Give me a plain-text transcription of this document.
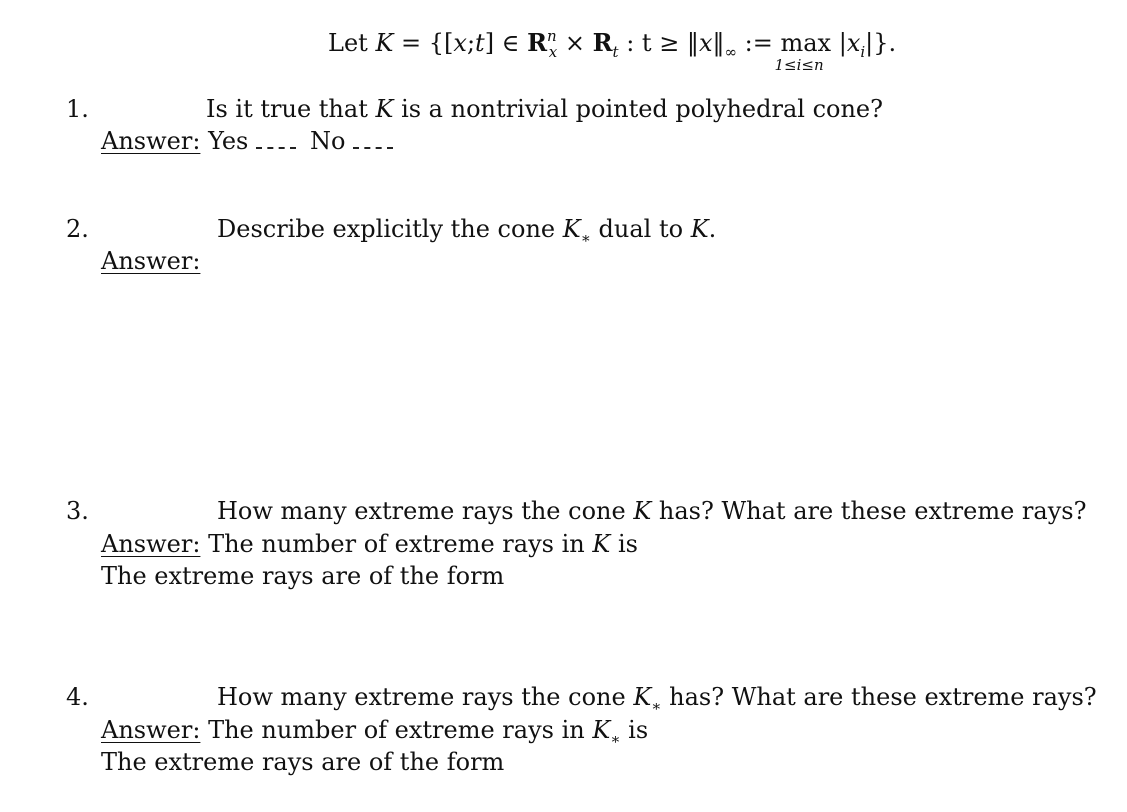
Let K = {[x;t] ∈ $R^n_x \times R_t$ : $t \ge ‖x‖_\infty$ := max
1≤i≤n
$|x_i|$}.
1.	Is it true that K is a nontrivial pointed polyhedral cone?
Answer: Yes	No
2.	Describe explicitly the cone $K_∗$ dual to K.
Answer:
3.	How many extreme rays the cone K has? What are these extreme rays?
Answer: The number of extreme rays in K is
The extreme rays are of the form
4.	How many extreme rays the cone $K_∗$ has? What are these extreme rays?
Answer: The number of extreme rays in $K_∗$ is
The extreme rays are of the form
